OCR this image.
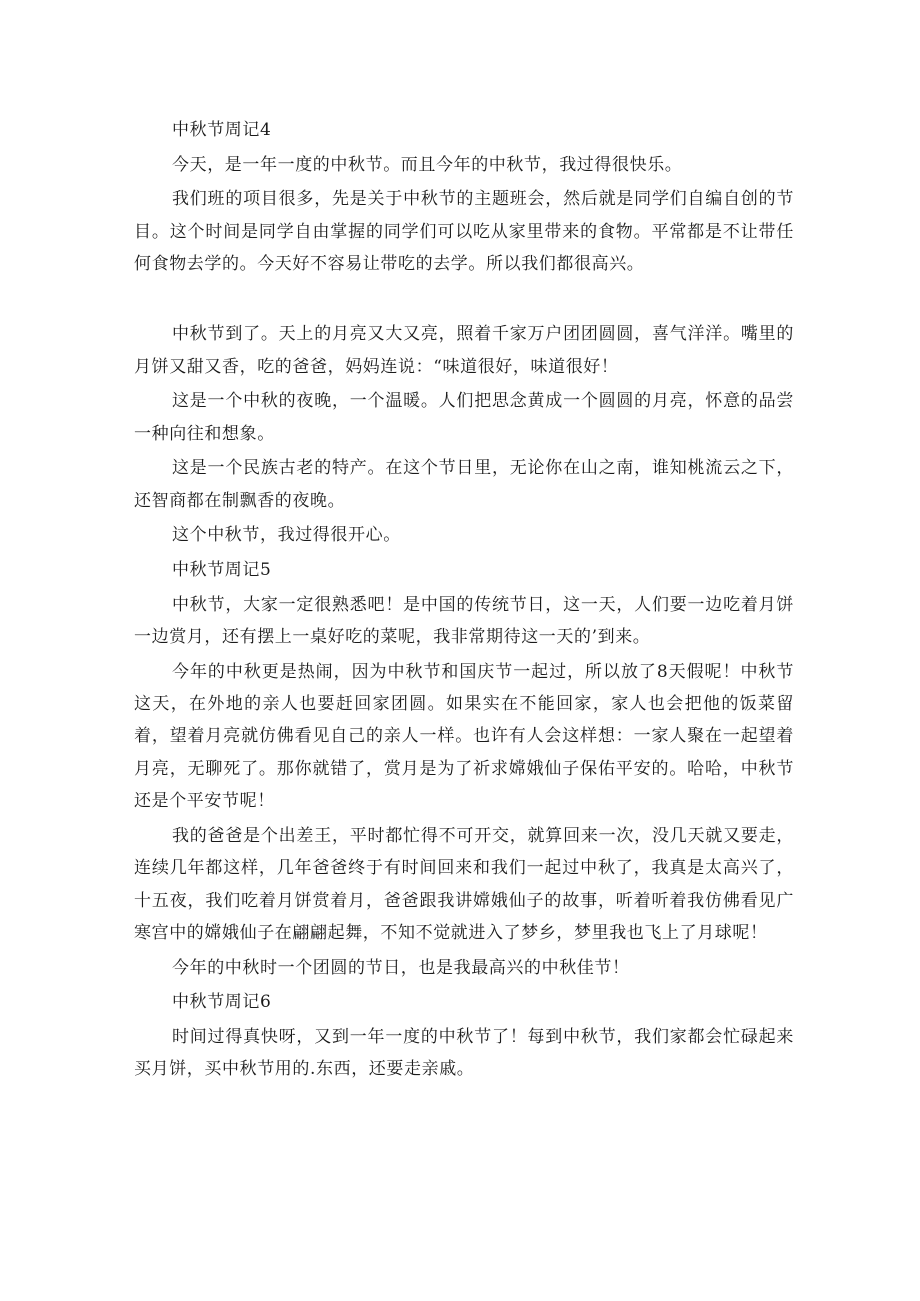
中秋节周记4

今天，是一年一度的中秋节。而且今年的中秋节，我过得很快乐。

我们班的项目很多，先是关于中秋节的主题班会，然后就是同学们自编自创的节目。这个时间是同学自由掌握的同学们可以吃从家里带来的食物。平常都是不让带任何食物去学的。今天好不容易让带吃的去学。所以我们都很高兴。

中秋节到了。天上的月亮又大又亮，照着千家万户团团圆圆，喜气洋洋。嘴里的月饼又甜又香，吃的爸爸，妈妈连说：“味道很好，味道很好！

这是一个中秋的夜晚，一个温暖。人们把思念黄成一个圆圆的月亮，怀意的品尝一种向往和想象。

这是一个民族古老的特产。在这个节日里，无论你在山之南，谁知桃流云之下，还智商都在制飘香的夜晚。

这个中秋节，我过得很开心。

中秋节周记5

中秋节，大家一定很熟悉吧！是中国的传统节日，这一天，人们要一边吃着月饼一边赏月，还有摆上一桌好吃的菜呢，我非常期待这一天的’到来。

今年的中秋更是热闹，因为中秋节和国庆节一起过，所以放了8天假呢！中秋节这天，在外地的亲人也要赶回家团圆。如果实在不能回家，家人也会把他的饭菜留着，望着月亮就仿佛看见自己的亲人一样。也许有人会这样想：一家人聚在一起望着月亮，无聊死了。那你就错了，赏月是为了祈求嫦娥仙子保佑平安的。哈哈，中秋节还是个平安节呢！

我的爸爸是个出差王，平时都忙得不可开交，就算回来一次，没几天就又要走，连续几年都这样，几年爸爸终于有时间回来和我们一起过中秋了，我真是太高兴了，十五夜，我们吃着月饼赏着月，爸爸跟我讲嫦娥仙子的故事，听着听着我仿佛看见广寒宫中的嫦娥仙子在翩翩起舞，不知不觉就进入了梦乡，梦里我也飞上了月球呢！

今年的中秋时一个团圆的节日，也是我最高兴的中秋佳节！

中秋节周记6

时间过得真快呀，又到一年一度的中秋节了！每到中秋节，我们家都会忙碌起来买月饼，买中秋节用的.东西，还要走亲戚。
